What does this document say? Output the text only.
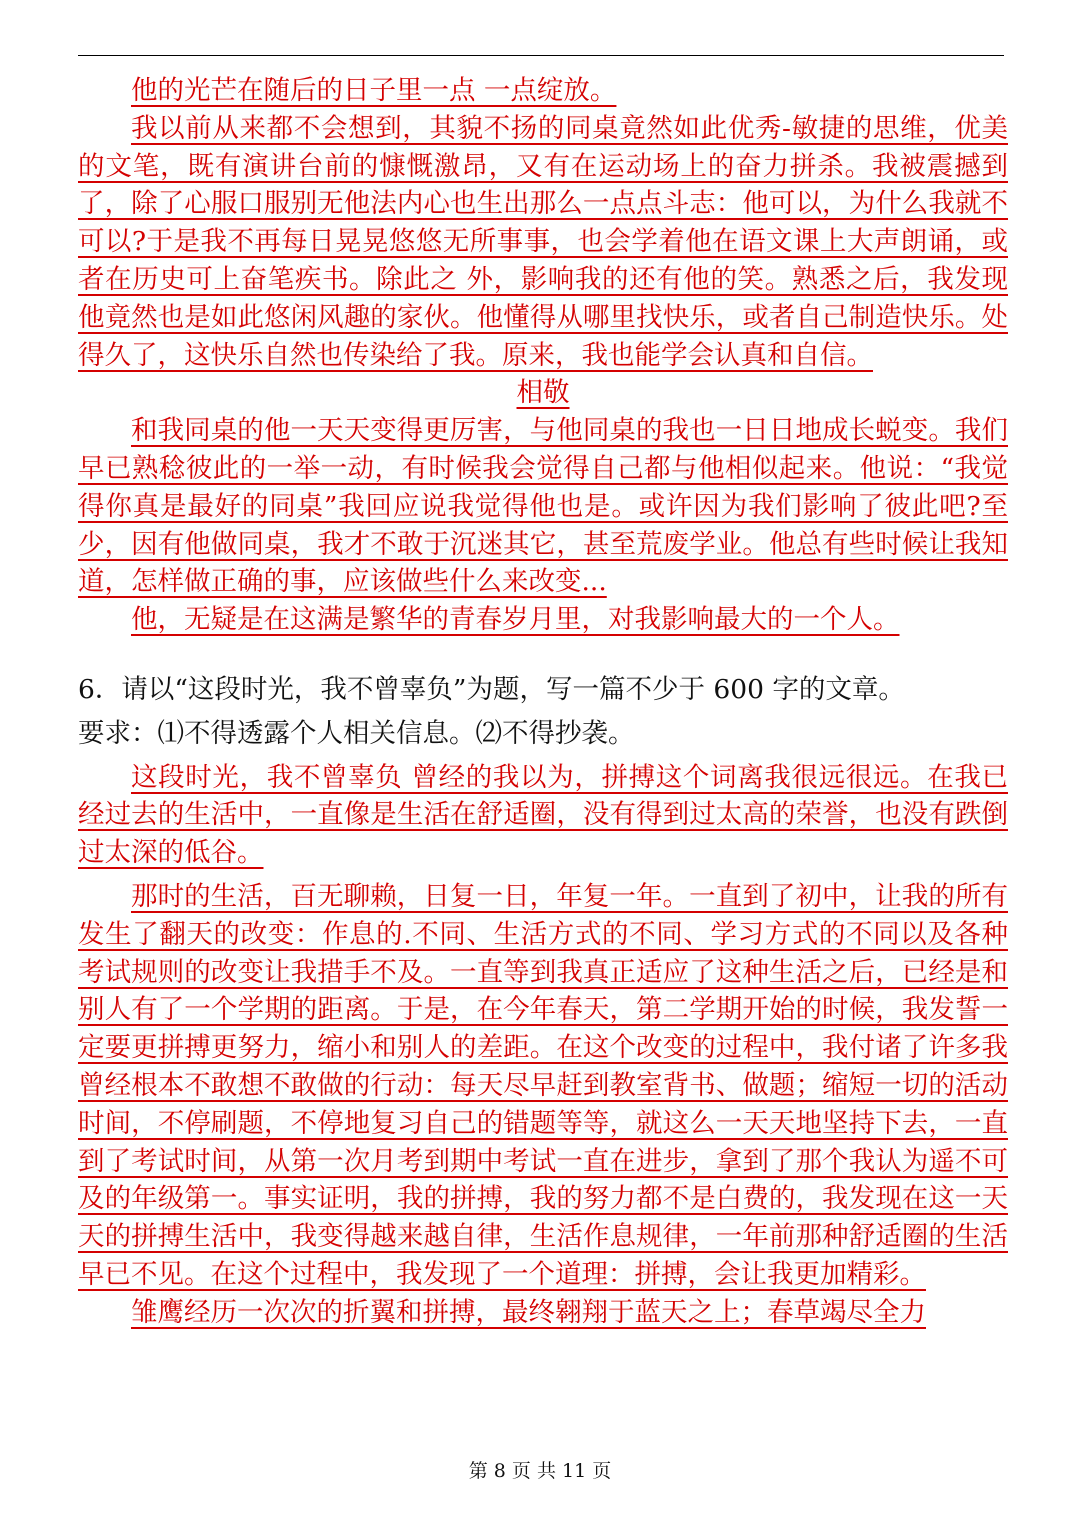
他的光芒在随后的日子里一点 一点绽放。

我以前从来都不会想到，其貌不扬的同桌竟然如此优秀-敏捷的思维，优美的文笔，既有演讲台前的慷慨激昂，又有在运动场上的奋力拼杀。我被震撼到了，除了心服口服别无他法内心也生出那么一点点斗志：他可以，为什么我就不可以?于是我不再每日晃晃悠悠无所事事，也会学着他在语文课上大声朗诵，或者在历史可上奋笔疾书。除此之 外，影响我的还有他的笑。熟悉之后，我发现他竟然也是如此悠闲风趣的家伙。他懂得从哪里找快乐，或者自己制造快乐。处得久了，这快乐自然也传染给了我。原来，我也能学会认真和自信。

相敬

和我同桌的他一天天变得更厉害，与他同桌的我也一日日地成长蜕变。我们早已熟稔彼此的一举一动，有时候我会觉得自己都与他相似起来。他说：“我觉得你真是最好的同桌”我回应说我觉得他也是。或许因为我们影响了彼此吧?至少，因有他做同桌，我才不敢于沉迷其它，甚至荒废学业。他总有些时候让我知道，怎样做正确的事，应该做些什么来改变...

他，无疑是在这满是繁华的青春岁月里，对我影响最大的一个人。

6．请以“这段时光，我不曾辜负”为题，写一篇不少于 600 字的文章。

要求：⑴不得透露个人相关信息。⑵不得抄袭。

这段时光，我不曾辜负 曾经的我以为，拼搏这个词离我很远很远。在我已经过去的生活中，一直像是生活在舒适圈，没有得到过太高的荣誉，也没有跌倒过太深的低谷。

那时的生活，百无聊赖，日复一日，年复一年。一直到了初中，让我的所有发生了翻天的改变：作息的.不同、生活方式的不同、学习方式的不同以及各种考试规则的改变让我措手不及。一直等到我真正适应了这种生活之后，已经是和别人有了一个学期的距离。于是，在今年春天，第二学期开始的时候，我发誓一定要更拼搏更努力，缩小和别人的差距。在这个改变的过程中，我付诸了许多我曾经根本不敢想不敢做的行动：每天尽早赶到教室背书、做题；缩短一切的活动时间，不停刷题，不停地复习自己的错题等等，就这么一天天地坚持下去，一直到了考试时间，从第一次月考到期中考试一直在进步，拿到了那个我认为遥不可及的年级第一。事实证明，我的拼搏，我的努力都不是白费的，我发现在这一天天的拼搏生活中，我变得越来越自律，生活作息规律，一年前那种舒适圈的生活早已不见。在这个过程中，我发现了一个道理：拼搏，会让我更加精彩。

雏鹰经历一次次的折翼和拼搏，最终翱翔于蓝天之上；春草竭尽全力

第 8 页 共 11 页
